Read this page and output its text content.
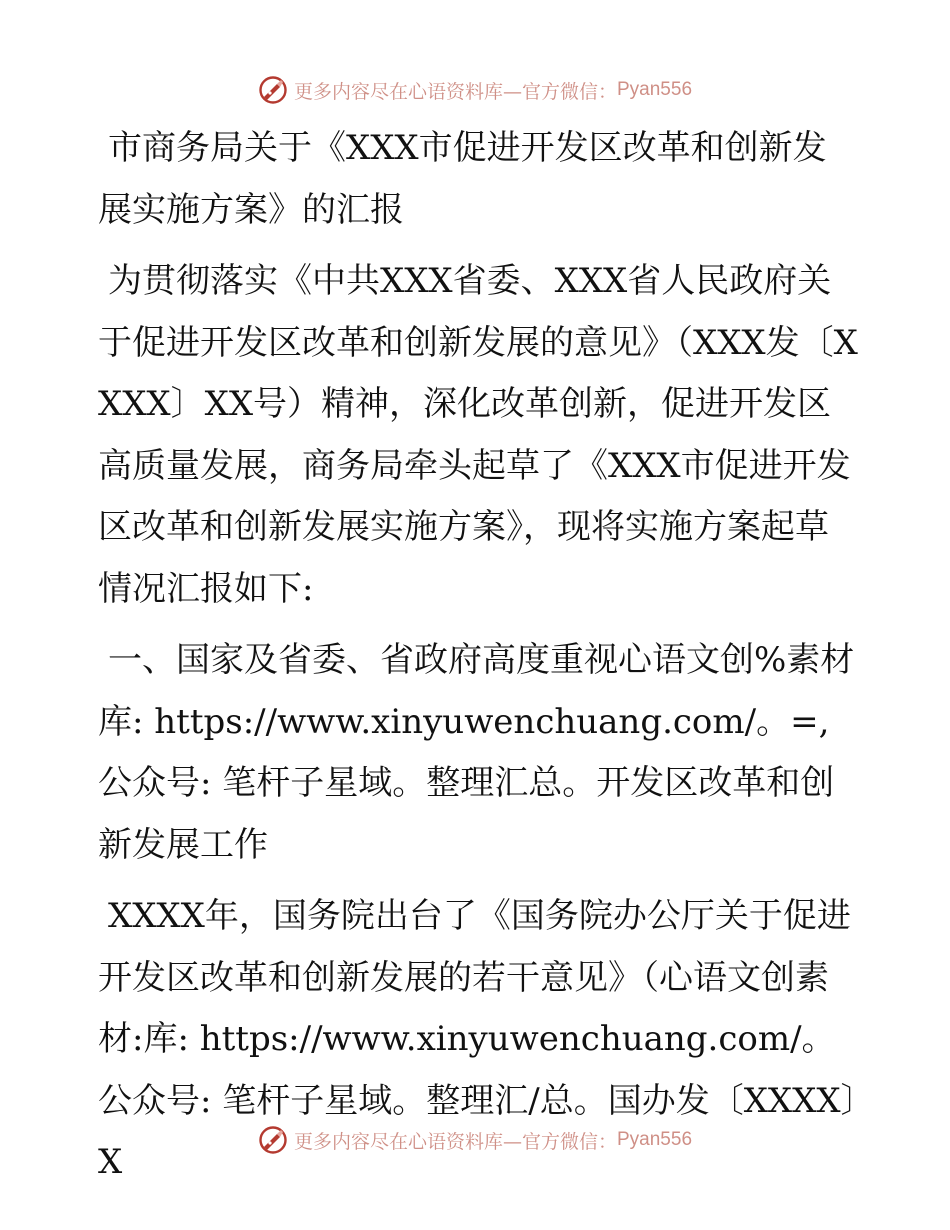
更多内容尽在心语资料库—官方微信： Pyan556

市商务局关于《XXX市促进开发区改革和创新发展实施方案》的汇报

为贯彻落实《中共XXX省委、XXX省人民政府关于促进开发区改革和创新发展的意见》（XXX发〔XXXX〕XX号）精神，深化改革创新，促进开发区高质量发展，商务局牵头起草了《XXX市促进开发区改革和创新发展实施方案》，现将实施方案起草情况汇报如下:

一、国家及省委、省政府高度重视心语文创%素材库: https://www.xinyuwenchuang.com/。=,公众号: 笔杆子星域。整理汇总。开发区改革和创新发展工作

XXXX年，国务院出台了《国务院办公厅关于促进开发区改革和创新发展的若干意见》（心语文创素材:库: https://www.xinyuwenchuang.com/。公众号: 笔杆子星域。整理汇/总。国办发〔XXXX〕X

更多内容尽在心语资料库—官方微信： Pyan556
